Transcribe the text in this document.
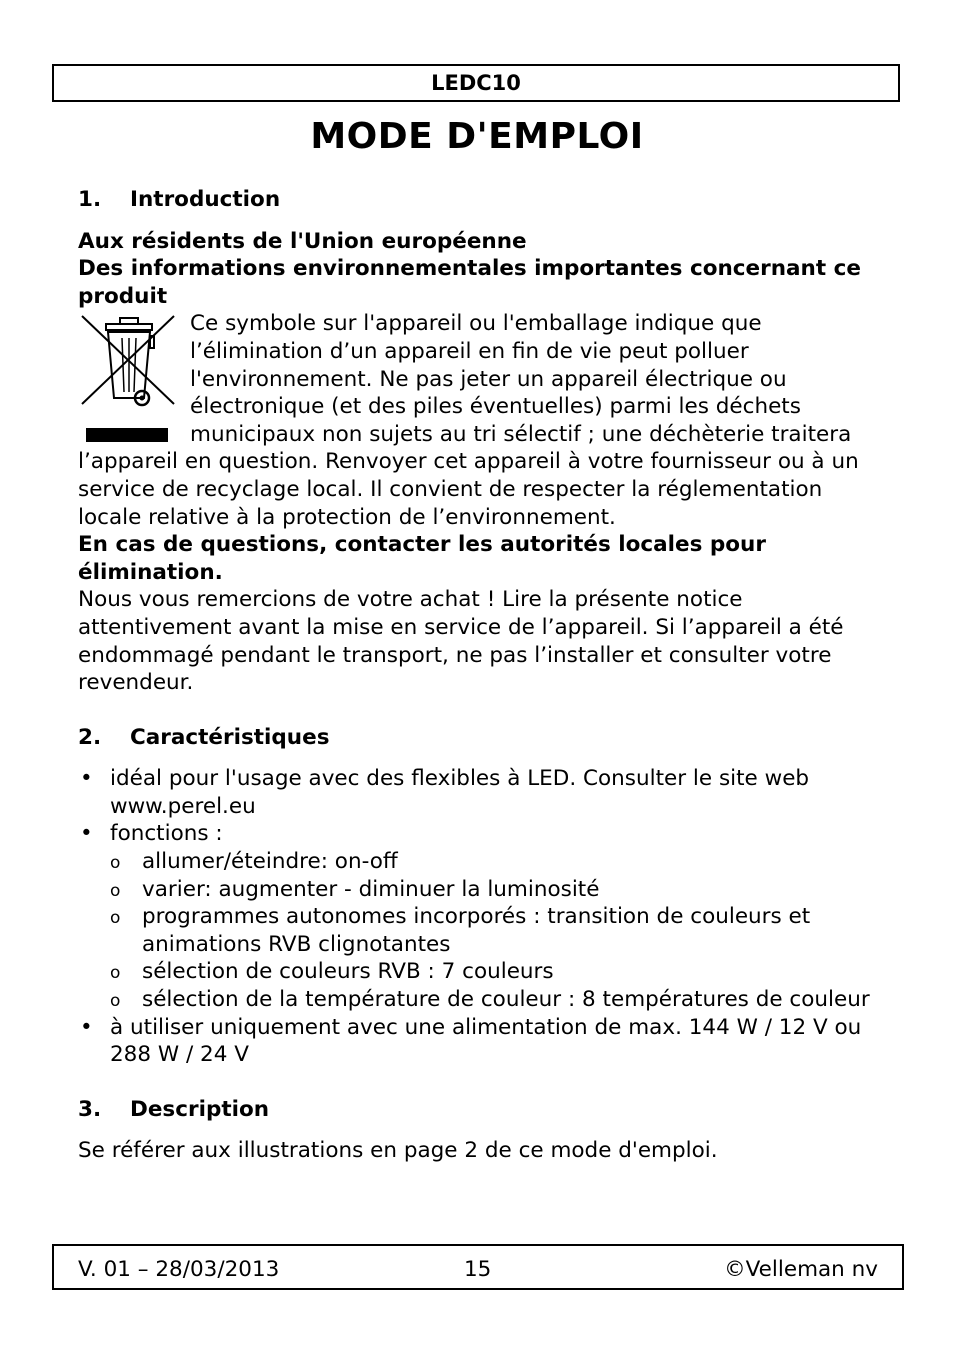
LEDC10
MODE D'EMPLOI

1. Introduction

Aux résidents de l'Union européenne

Des informations environnementales importantes concernant ce produit

Ce symbole sur l'appareil ou l'emballage indique que l’élimination d’un appareil en fin de vie peut polluer l'environnement. Ne pas jeter un appareil électrique ou électronique (et des piles éventuelles) parmi les déchets municipaux non sujets au tri sélectif ; une déchèterie traitera l’appareil en question. Renvoyer cet appareil à votre fournisseur ou à un service de recyclage local. Il convient de respecter la réglementation locale relative à la protection de l’environnement.

En cas de questions, contacter les autorités locales pour élimination.

Nous vous remercions de votre achat ! Lire la présente notice attentivement avant la mise en service de l’appareil. Si l’appareil a été endommagé pendant le transport, ne pas l’installer et consulter votre revendeur.

2. Caractéristiques

• idéal pour l'usage avec des flexibles à LED. Consulter le site web www.perel.eu
• fonctions :
o allumer/éteindre: on-off
o varier: augmenter - diminuer la luminosité
o programmes autonomes incorporés : transition de couleurs et animations RVB clignotantes
o sélection de couleurs RVB : 7 couleurs
o sélection de la température de couleur : 8 températures de couleur
• à utiliser uniquement avec une alimentation de max. 144 W / 12 V ou 288 W / 24 V

3. Description

Se référer aux illustrations en page 2 de ce mode d'emploi.

V. 01 – 28/03/2013	15	©Velleman nv
